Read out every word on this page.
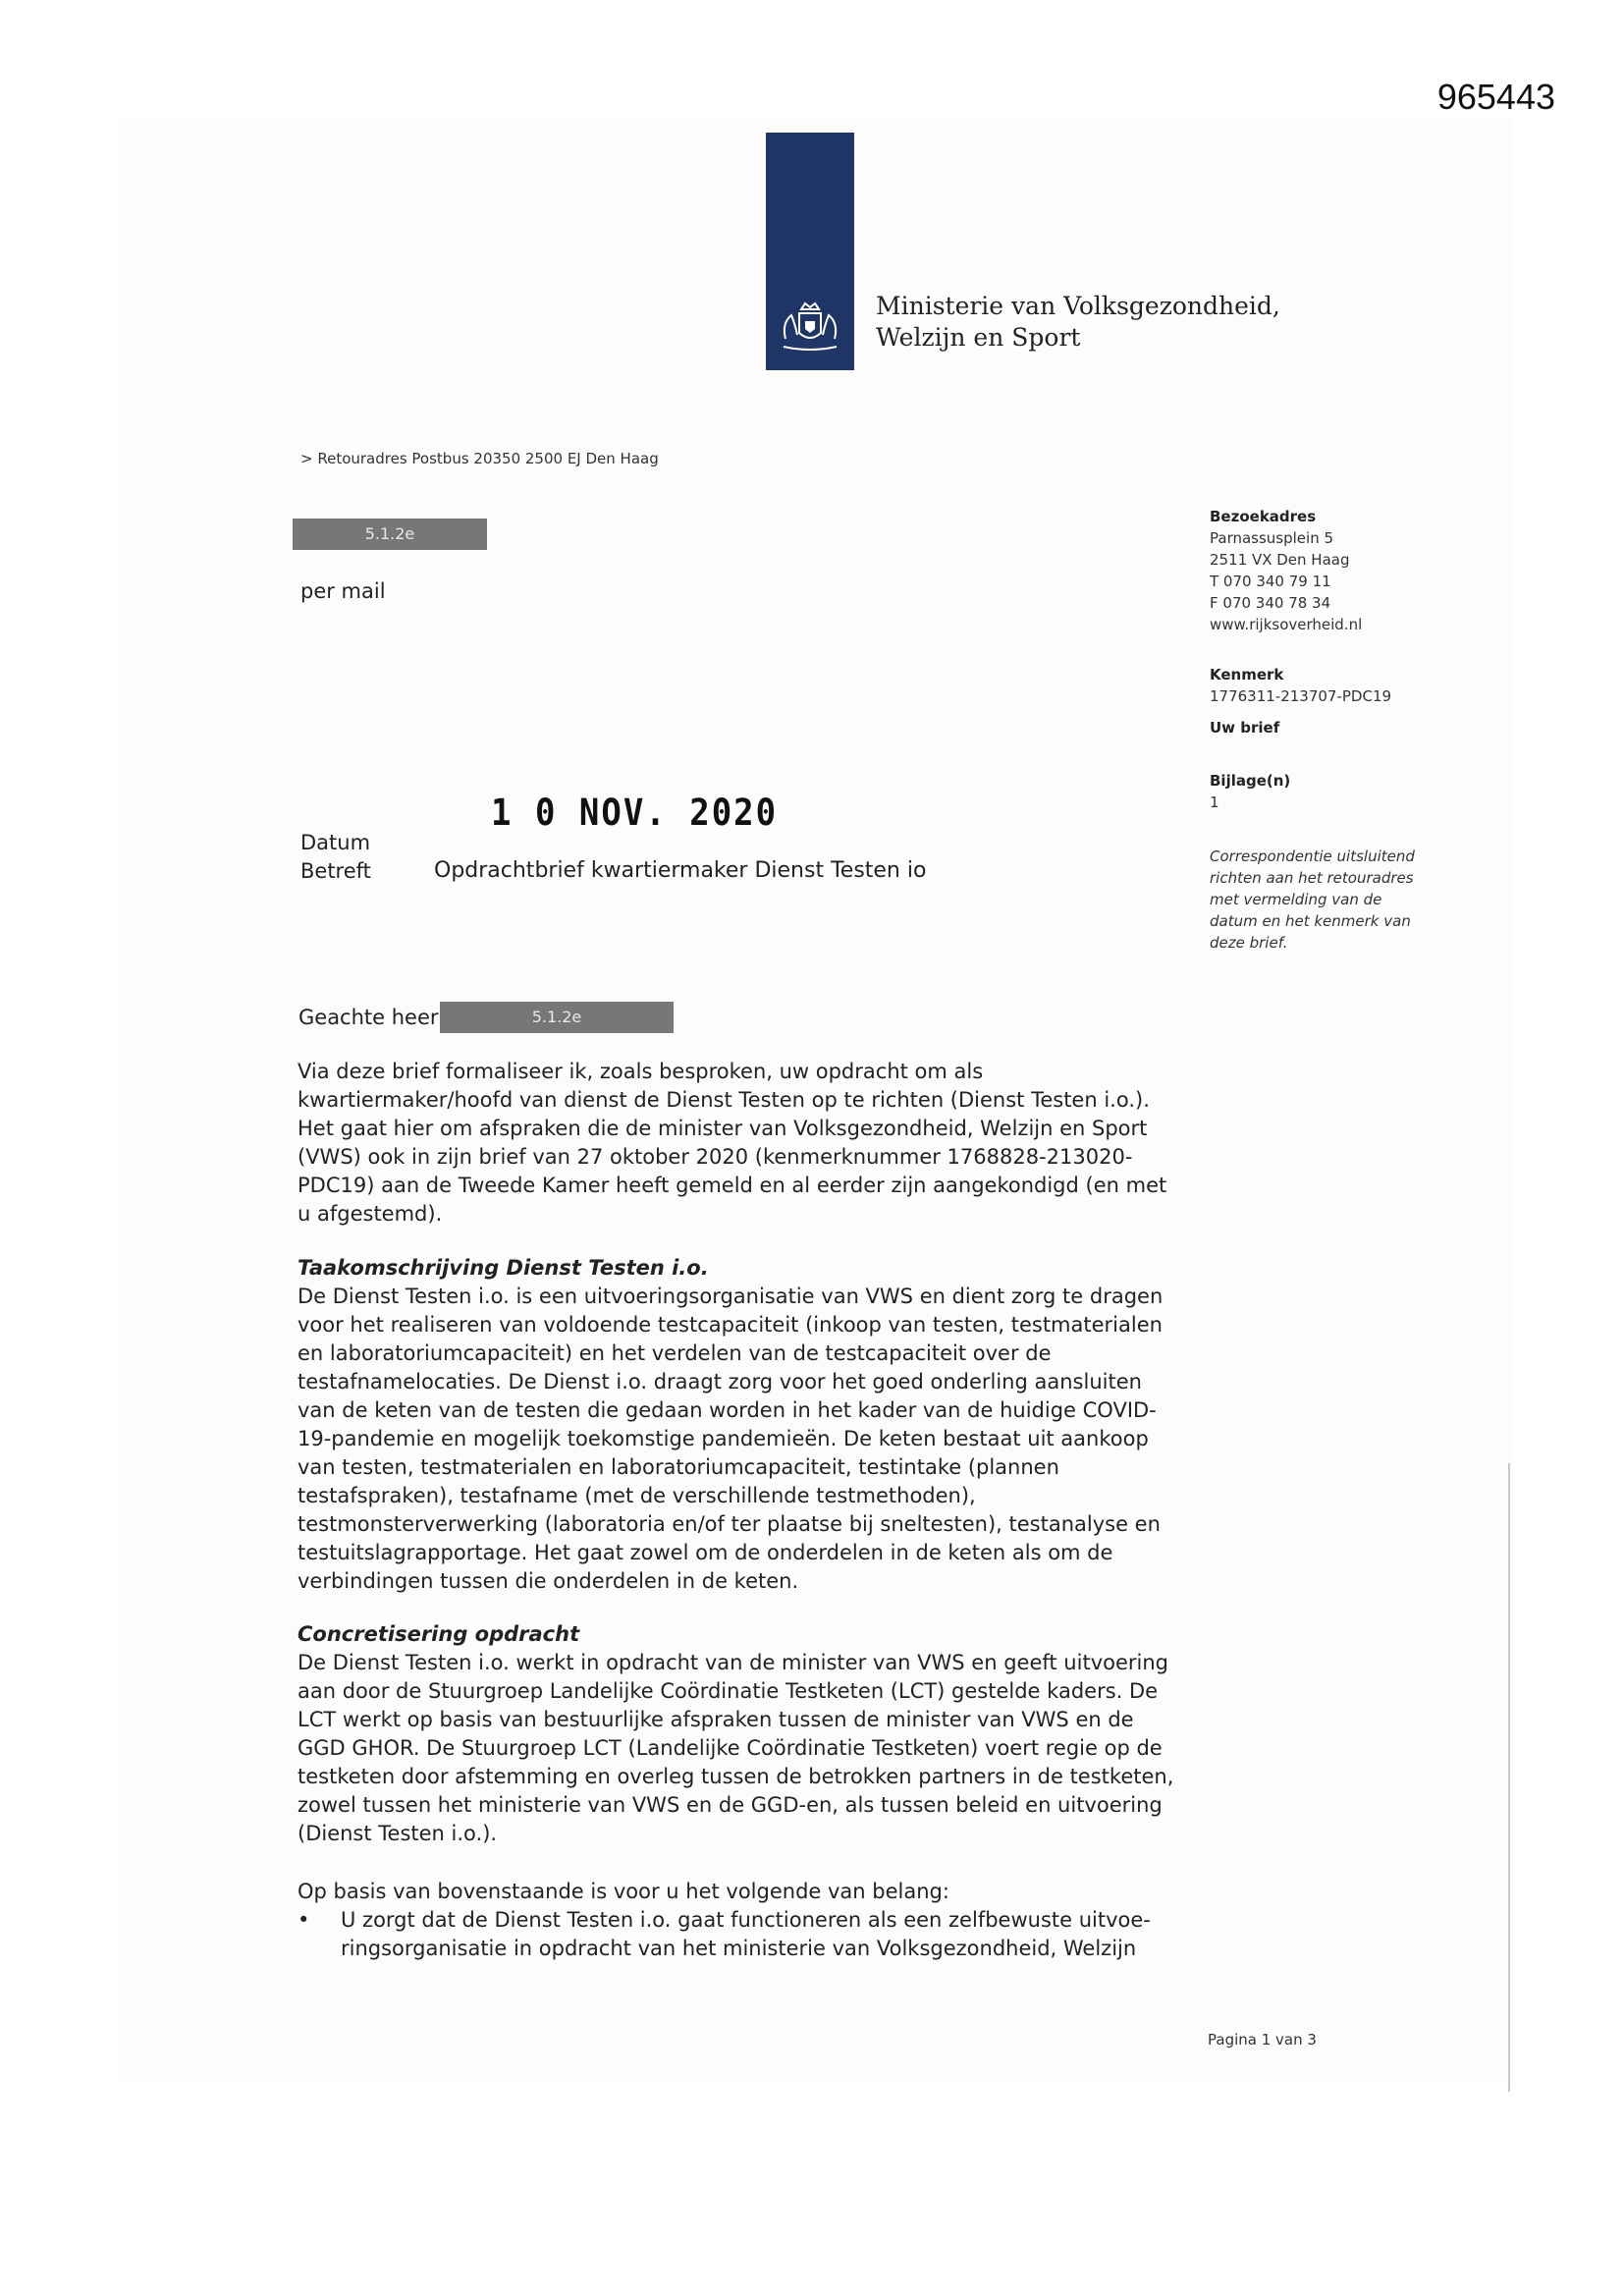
965443
Ministerie van Volksgezondheid,
Welzijn en Sport
> Retouradres Postbus 20350 2500 EJ Den Haag
5.1.2e
per mail
Bezoekadres
Parnassusplein 5
2511 VX Den Haag
T 070 340 79 11
F 070 340 78 34
www.rijksoverheid.nl
Kenmerk
1776311-213707-PDC19
Uw brief
Bijlage(n)
1
Correspondentie uitsluitend
richten aan het retouradres
met vermelding van de
datum en het kenmerk van
deze brief.
1 0 NOV. 2020
Datum
Betreft	Opdrachtbrief kwartiermaker Dienst Testen io
Geachte heer	5.1.2e

Via deze brief formaliseer ik, zoals besproken, uw opdracht om als kwartiermaker/hoofd van dienst de Dienst Testen op te richten (Dienst Testen i.o.). Het gaat hier om afspraken die de minister van Volksgezondheid, Welzijn en Sport (VWS) ook in zijn brief van 27 oktober 2020 (kenmerknummer 1768828-213020-PDC19) aan de Tweede Kamer heeft gemeld en al eerder zijn aangekondigd (en met u afgestemd).

Taakomschrijving Dienst Testen i.o.

De Dienst Testen i.o. is een uitvoeringsorganisatie van VWS en dient zorg te dragen voor het realiseren van voldoende testcapaciteit (inkoop van testen, testmaterialen en laboratoriumcapaciteit) en het verdelen van de testcapaciteit over de testafnamelocaties. De Dienst i.o. draagt zorg voor het goed onderling aansluiten van de keten van de testen die gedaan worden in het kader van de huidige COVID-19-pandemie en mogelijk toekomstige pandemieën. De keten bestaat uit aankoop van testen, testmaterialen en laboratoriumcapaciteit, testintake (plannen testafspraken), testafname (met de verschillende testmethoden), testmonsterverwerking (laboratoria en/of ter plaatse bij sneltesten), testanalyse en testuitslagrapportage. Het gaat zowel om de onderdelen in de keten als om de verbindingen tussen die onderdelen in de keten.

Concretisering opdracht

De Dienst Testen i.o. werkt in opdracht van de minister van VWS en geeft uitvoering aan door de Stuurgroep Landelijke Coördinatie Testketen (LCT) gestelde kaders. De LCT werkt op basis van bestuurlijke afspraken tussen de minister van VWS en de GGD GHOR. De Stuurgroep LCT (Landelijke Coördinatie Testketen) voert regie op de testketen door afstemming en overleg tussen de betrokken partners in de testketen, zowel tussen het ministerie van VWS en de GGD-en, als tussen beleid en uitvoering (Dienst Testen i.o.).

Op basis van bovenstaande is voor u het volgende van belang:

• U zorgt dat de Dienst Testen i.o. gaat functioneren als een zelfbewuste uitvoe-ringsorganisatie in opdracht van het ministerie van Volksgezondheid, Welzijn

Pagina 1 van 3
